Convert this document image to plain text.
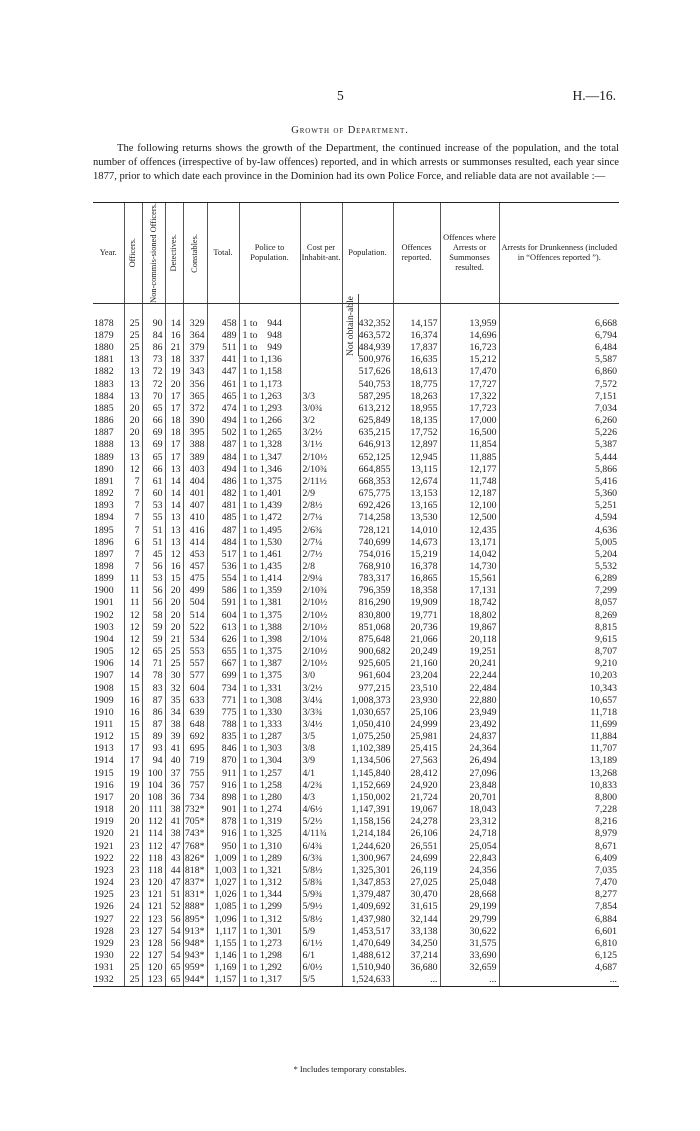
5	H.—16.
Growth of Department.

The following returns shows the growth of the Department, the continued increase of the population, and the total number of offences (irrespective of by-law offences) reported, and in which arrests or summonses resulted, each year since 1877, prior to which date each province in the Dominion had its own Police Force, and reliable data are not available :—

Year.	Officers.	Non-commis-sioned Officers.	Detectives.	Constables.	Total.	Police to Population.	Cost per Inhabit-ant.	Population.	Offences reported.	Offences where Arrests or Summonses resulted.	Arrests for Drunkenness (included in “Offences reported ”).
1878	25	90	14	329	458	1 to    944		432,352	14,157	13,959	6,668
1879	25	84	16	364	489	1 to    948		463,572	16,374	14,696	6,794
1880	25	86	21	379	511	1 to    949		484,939	17,837	16,723	6,484
1881	13	73	18	337	441	1 to 1,136		500,976	16,635	15,212	5,587
1882	13	72	19	343	447	1 to 1,158		517,626	18,613	17,470	6,860
1883	13	72	20	356	461	1 to 1,173		540,753	18,775	17,727	7,572
1884	13	70	17	365	465	1 to 1,263	3/3	587,295	18,263	17,322	7,151
1885	20	65	17	372	474	1 to 1,293	3/0¾	613,212	18,955	17,723	7,034
1886	20	66	18	390	494	1 to 1,266	3/2	625,849	18,135	17,000	6,260
1887	20	69	18	395	502	1 to 1,265	3/2½	635,215	17,752	16,500	5,226
1888	13	69	17	388	487	1 to 1,328	3/1½	646,913	12,897	11,854	5,387
1889	13	65	17	389	484	1 to 1,347	2/10½	652,125	12,945	11,885	5,444
1890	12	66	13	403	494	1 to 1,346	2/10¾	664,855	13,115	12,177	5,866
1891	7	61	14	404	486	1 to 1,375	2/11½	668,353	12,674	11,748	5,416
1892	7	60	14	401	482	1 to 1,401	2/9	675,775	13,153	12,187	5,360
1893	7	53	14	407	481	1 to 1,439	2/8½	692,426	13,165	12,100	5,251
1894	7	55	13	410	485	1 to 1,472	2/7¼	714,258	13,530	12,500	4,594
1895	7	51	13	416	487	1 to 1,495	2/6¾	728,121	14,010	12,435	4,636
1896	6	51	13	414	484	1 to 1,530	2/7¼	740,699	14,673	13,171	5,005
1897	7	45	12	453	517	1 to 1,461	2/7½	754,016	15,219	14,042	5,204
1898	7	56	16	457	536	1 to 1,435	2/8	768,910	16,378	14,730	5,532
1899	11	53	15	475	554	1 to 1,414	2/9¼	783,317	16,865	15,561	6,289
1900	11	56	20	499	586	1 to 1,359	2/10¾	796,359	18,358	17,131	7,299
1901	11	56	20	504	591	1 to 1,381	2/10½	816,290	19,909	18,742	8,057
1902	12	58	20	514	604	1 to 1,375	2/10½	830,800	19,771	18,802	8,269
1903	12	59	20	522	613	1 to 1,388	2/10½	851,068	20,736	19,867	8,815
1904	12	59	21	534	626	1 to 1,398	2/10¼	875,648	21,066	20,118	9,615
1905	12	65	25	553	655	1 to 1,375	2/10½	900,682	20,249	19,251	8,707
1906	14	71	25	557	667	1 to 1,387	2/10½	925,605	21,160	20,241	9,210
1907	14	78	30	577	699	1 to 1,375	3/0	961,604	23,204	22,244	10,203
1908	15	83	32	604	734	1 to 1,331	3/2½	977,215	23,510	22,484	10,343
1909	16	87	35	633	771	1 to 1,308	3/4¼	1,008,373	23,930	22,880	10,657
1910	16	86	34	639	775	1 to 1,330	3/3¾	1,030,657	25,106	23,949	11,718
1911	15	87	38	648	788	1 to 1,333	3/4½	1,050,410	24,999	23,492	11,699
1912	15	89	39	692	835	1 to 1,287	3/5	1,075,250	25,981	24,837	11,884
1913	17	93	41	695	846	1 to 1,303	3/8	1,102,389	25,415	24,364	11,707
1914	17	94	40	719	870	1 to 1,304	3/9	1,134,506	27,563	26,494	13,189
1915	19	100	37	755	911	1 to 1,257	4/1	1,145,840	28,412	27,096	13,268
1916	19	104	36	757	916	1 to 1,258	4/2¾	1,152,669	24,920	23,848	10,833
1917	20	108	36	734	898	1 to 1,280	4/3	1,150,002	21,724	20,701	8,800
1918	20	111	38	732*	901	1 to 1,274	4/6½	1,147,391	19,067	18,043	7,228
1919	20	112	41	705*	878	1 to 1,319	5/2½	1,158,156	24,278	23,312	8,216
1920	21	114	38	743*	916	1 to 1,325	4/11¾	1,214,184	26,106	24,718	8,979
1921	23	112	47	768*	950	1 to 1,310	6/4¾	1,244,620	26,551	25,054	8,671
1922	22	118	43	826*	1,009	1 to 1,289	6/3¾	1,300,967	24,699	22,843	6,409
1923	23	118	44	818*	1,003	1 to 1,321	5/8½	1,325,301	26,119	24,356	7,035
1924	23	120	47	837*	1,027	1 to 1,312	5/8¾	1,347,853	27,025	25,048	7,470
1925	23	121	51	831*	1,026	1 to 1,344	5/9¾	1,379,487	30,470	28,668	8,277
1926	24	121	52	888*	1,085	1 to 1,299	5/9½	1,409,692	31,615	29,199	7,854
1927	22	123	56	895*	1,096	1 to 1,312	5/8½	1,437,980	32,144	29,799	6,884
1928	23	127	54	913*	1,117	1 to 1,301	5/9	1,453,517	33,138	30,622	6,601
1929	23	128	56	948*	1,155	1 to 1,273	6/1½	1,470,649	34,250	31,575	6,810
1930	22	127	54	943*	1,146	1 to 1,298	6/1	1,488,612	37,214	33,690	6,125
1931	25	120	65	959*	1,169	1 to 1,292	6/0½	1,510,940	36,680	32,659	4,687
1932	25	123	65	944*	1,157	1 to 1,317	5/5	1,524,633	...	...	...
Not obtain-able
* Includes temporary constables.
